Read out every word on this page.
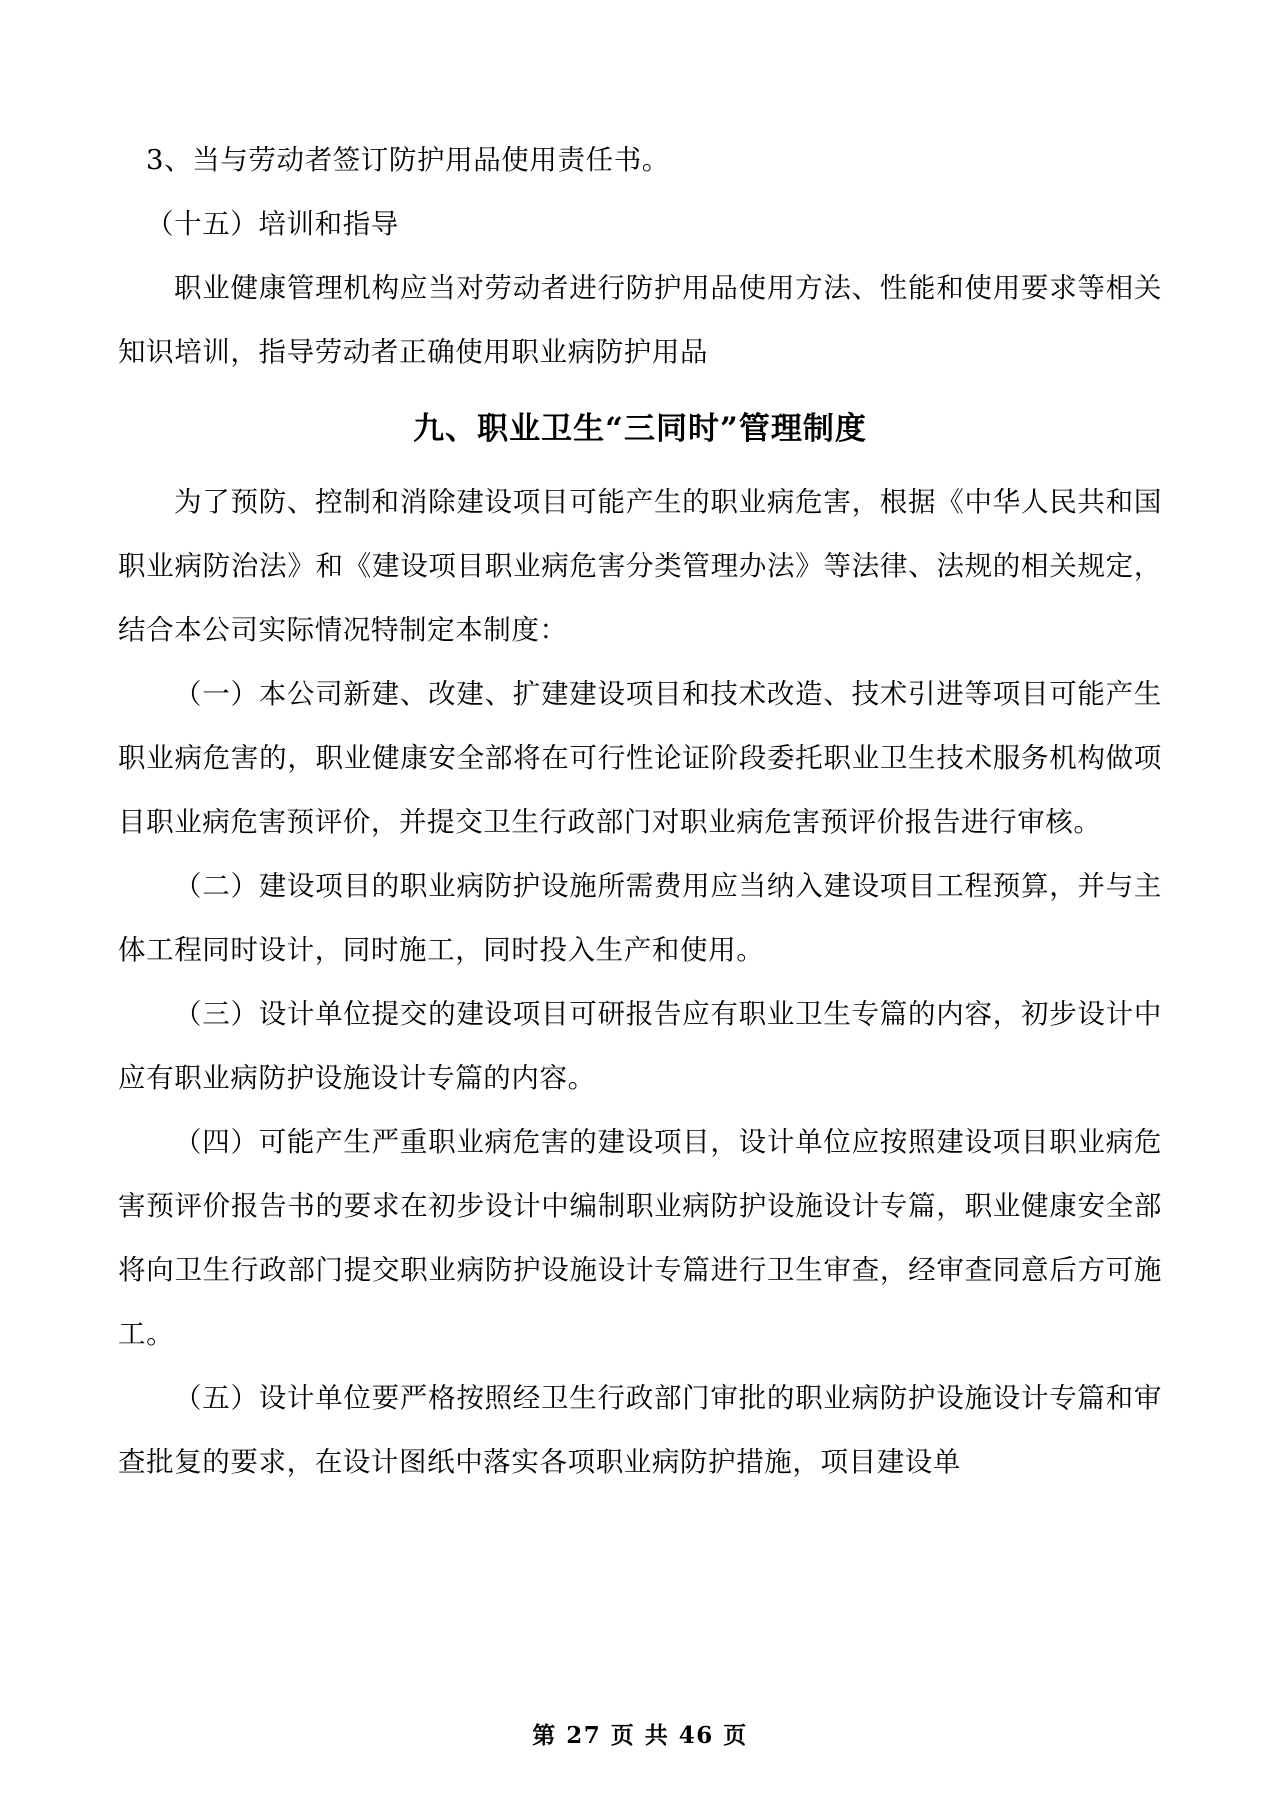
3、当与劳动者签订防护用品使用责任书。

（十五）培训和指导

职业健康管理机构应当对劳动者进行防护用品使用方法、性能和使用要求等相关知识培训，指导劳动者正确使用职业病防护用品

九、职业卫生“三同时”管理制度

为了预防、控制和消除建设项目可能产生的职业病危害，根据《中华人民共和国职业病防治法》和《建设项目职业病危害分类管理办法》等法律、法规的相关规定，结合本公司实际情况特制定本制度：

（一）本公司新建、改建、扩建建设项目和技术改造、技术引进等项目可能产生职业病危害的，职业健康安全部将在可行性论证阶段委托职业卫生技术服务机构做项目职业病危害预评价，并提交卫生行政部门对职业病危害预评价报告进行审核。

（二）建设项目的职业病防护设施所需费用应当纳入建设项目工程预算，并与主体工程同时设计，同时施工，同时投入生产和使用。

（三）设计单位提交的建设项目可研报告应有职业卫生专篇的内容，初步设计中应有职业病防护设施设计专篇的内容。

（四）可能产生严重职业病危害的建设项目，设计单位应按照建设项目职业病危害预评价报告书的要求在初步设计中编制职业病防护设施设计专篇，职业健康安全部将向卫生行政部门提交职业病防护设施设计专篇进行卫生审查，经审查同意后方可施工。

（五）设计单位要严格按照经卫生行政部门审批的职业病防护设施设计专篇和审查批复的要求，在设计图纸中落实各项职业病防护措施，项目建设单

第 27 页 共 46 页
